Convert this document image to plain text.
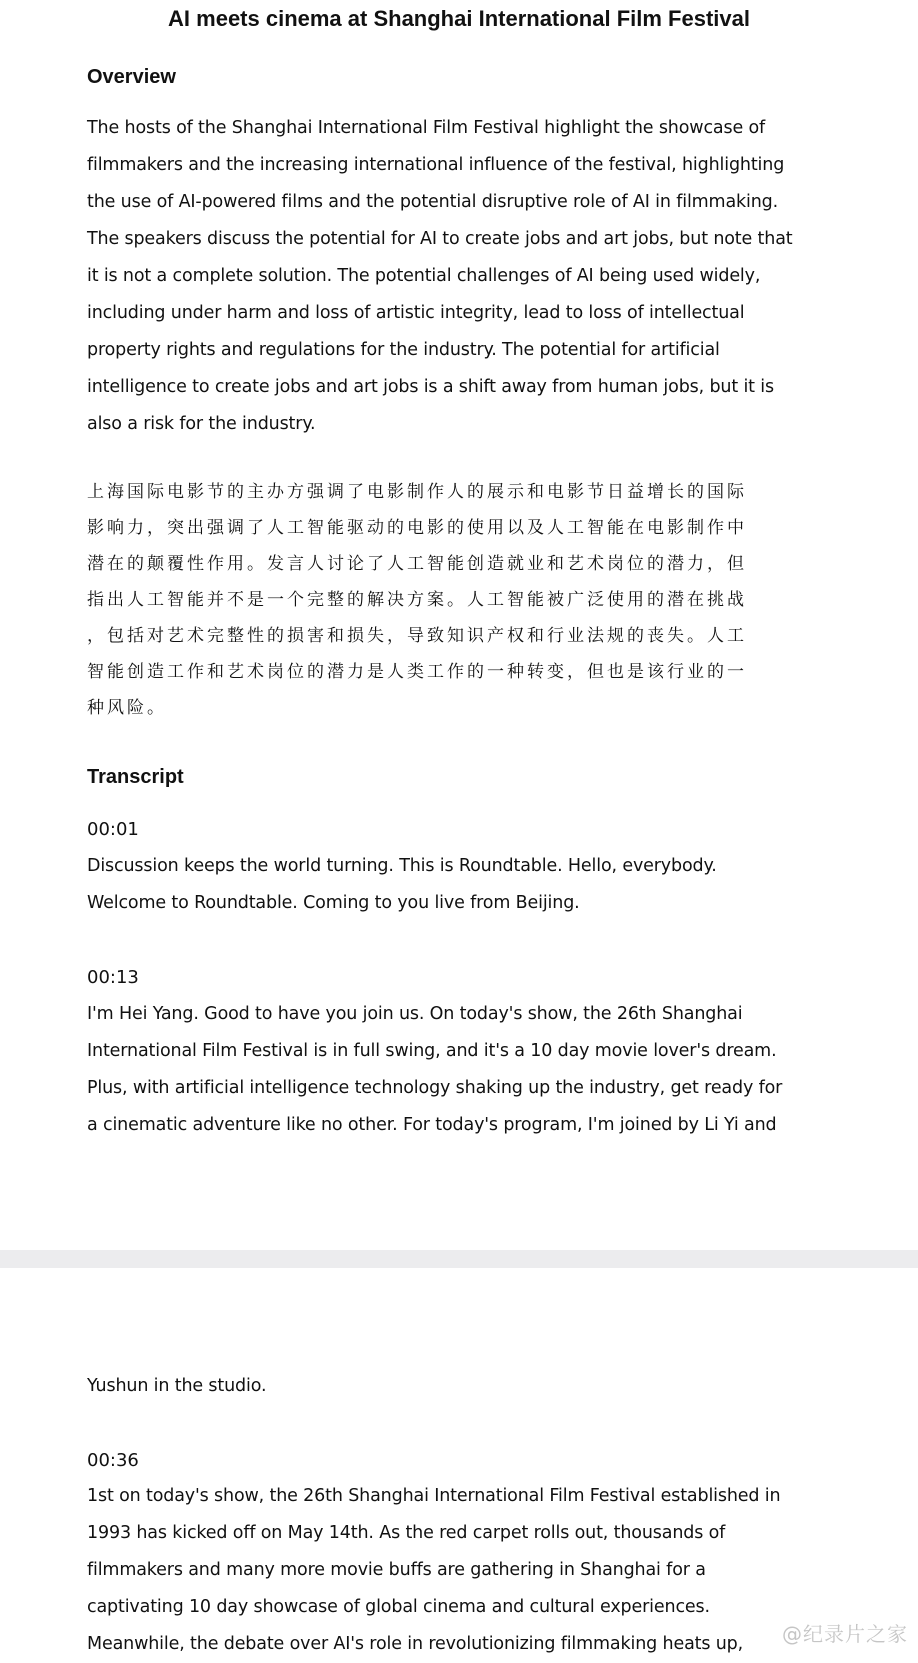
AI meets cinema at Shanghai International Film Festival
Overview
The hosts of the Shanghai International Film Festival highlight the showcase of
filmmakers and the increasing international influence of the festival, highlighting
the use of AI-powered films and the potential disruptive role of AI in filmmaking.
The speakers discuss the potential for AI to create jobs and art jobs, but note that
it is not a complete solution. The potential challenges of AI being used widely,
including under harm and loss of artistic integrity, lead to loss of intellectual
property rights and regulations for the industry. The potential for artificial
intelligence to create jobs and art jobs is a shift away from human jobs, but it is
also a risk for the industry.
上海国际电影节的主办方强调了电影制作人的展示和电影节日益增长的国际
影响力，突出强调了人工智能驱动的电影的使用以及人工智能在电影制作中
潜在的颠覆性作用。发言人讨论了人工智能创造就业和艺术岗位的潜力，但
指出人工智能并不是一个完整的解决方案。人工智能被广泛使用的潜在挑战
，包括对艺术完整性的损害和损失，导致知识产权和行业法规的丧失。人工
智能创造工作和艺术岗位的潜力是人类工作的一种转变，但也是该行业的一
种风险。
Transcript
00:01
Discussion keeps the world turning. This is Roundtable. Hello, everybody.
Welcome to Roundtable. Coming to you live from Beijing.
00:13
I'm Hei Yang. Good to have you join us. On today's show, the 26th Shanghai
International Film Festival is in full swing, and it's a 10 day movie lover's dream.
Plus, with artificial intelligence technology shaking up the industry, get ready for
a cinematic adventure like no other. For today's program, I'm joined by Li Yi and
Yushun in the studio.
00:36
1st on today's show, the 26th Shanghai International Film Festival established in
1993 has kicked off on May 14th. As the red carpet rolls out, thousands of
filmmakers and many more movie buffs are gathering in Shanghai for a
captivating 10 day showcase of global cinema and cultural experiences.
Meanwhile, the debate over AI's role in revolutionizing filmmaking heats up,	@纪录片之家
